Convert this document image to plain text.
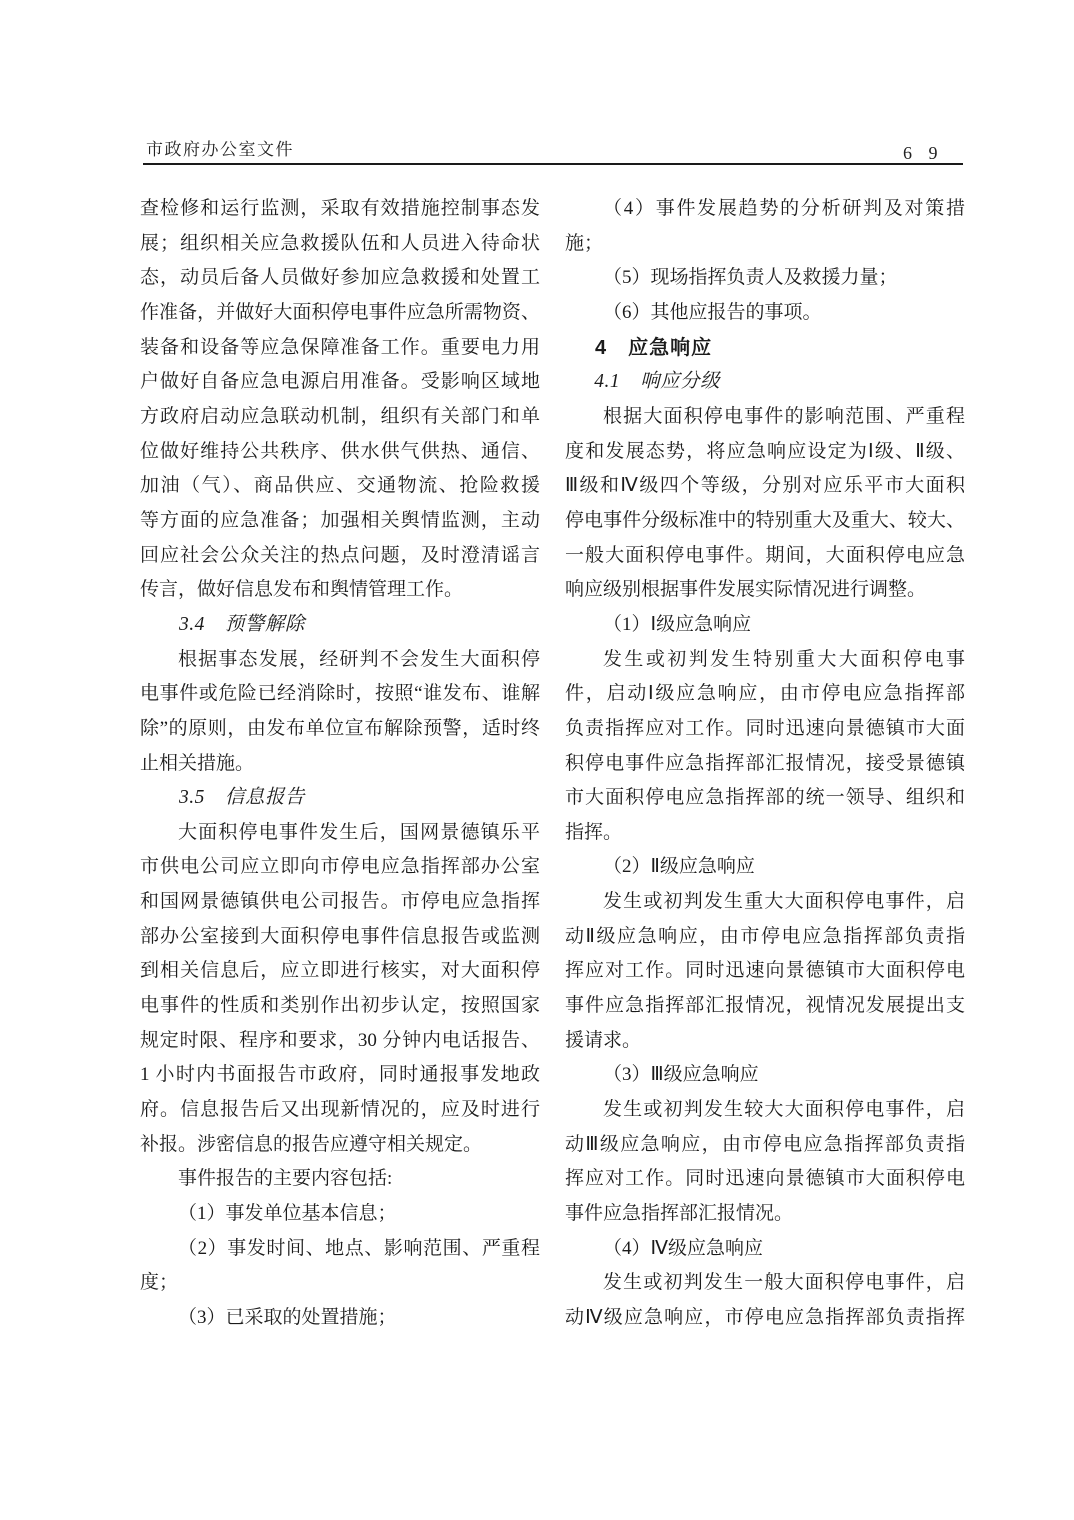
市政府办公室文件	6 9
查检修和运行监测，采取有效措施控制事态发
展；组织相关应急救援队伍和人员进入待命状
态，动员后备人员做好参加应急救援和处置工
作准备，并做好大面积停电事件应急所需物资、
装备和设备等应急保障准备工作。重要电力用
户做好自备应急电源启用准备。受影响区域地
方政府启动应急联动机制，组织有关部门和单
位做好维持公共秩序、供水供气供热、通信、
加油（气）、商品供应、交通物流、抢险救援
等方面的应急准备；加强相关舆情监测，主动
回应社会公众关注的热点问题，及时澄清谣言
传言，做好信息发布和舆情管理工作。
3.4　预警解除
根据事态发展，经研判不会发生大面积停
电事件或危险已经消除时，按照“谁发布、谁解
除”的原则，由发布单位宣布解除预警，适时终
止相关措施。
3.5　信息报告
大面积停电事件发生后，国网景德镇乐平
市供电公司应立即向市停电应急指挥部办公室
和国网景德镇供电公司报告。市停电应急指挥
部办公室接到大面积停电事件信息报告或监测
到相关信息后，应立即进行核实，对大面积停
电事件的性质和类别作出初步认定，按照国家
规定时限、程序和要求，30 分钟内电话报告、
1 小时内书面报告市政府，同时通报事发地政
府。信息报告后又出现新情况的，应及时进行
补报。涉密信息的报告应遵守相关规定。
事件报告的主要内容包括:
（1）事发单位基本信息；
（2）事发时间、地点、影响范围、严重程
度；
（3）已采取的处置措施；
（4）事件发展趋势的分析研判及对策措
施；
（5）现场指挥负责人及救援力量；
（6）其他应报告的事项。
4　应急响应
4.1　响应分级
根据大面积停电事件的影响范围、严重程
度和发展态势，将应急响应设定为Ⅰ级、Ⅱ级、
Ⅲ级和Ⅳ级四个等级，分别对应乐平市大面积
停电事件分级标准中的特别重大及重大、较大、
一般大面积停电事件。期间，大面积停电应急
响应级别根据事件发展实际情况进行调整。
（1）Ⅰ级应急响应
发生或初判发生特别重大大面积停电事
件，启动Ⅰ级应急响应，由市停电应急指挥部
负责指挥应对工作。同时迅速向景德镇市大面
积停电事件应急指挥部汇报情况，接受景德镇
市大面积停电应急指挥部的统一领导、组织和
指挥。
（2）Ⅱ级应急响应
发生或初判发生重大大面积停电事件，启
动Ⅱ级应急响应，由市停电应急指挥部负责指
挥应对工作。同时迅速向景德镇市大面积停电
事件应急指挥部汇报情况，视情况发展提出支
援请求。
（3）Ⅲ级应急响应
发生或初判发生较大大面积停电事件，启
动Ⅲ级应急响应，由市停电应急指挥部负责指
挥应对工作。同时迅速向景德镇市大面积停电
事件应急指挥部汇报情况。
（4）Ⅳ级应急响应
发生或初判发生一般大面积停电事件，启
动Ⅳ级应急响应，市停电应急指挥部负责指挥
